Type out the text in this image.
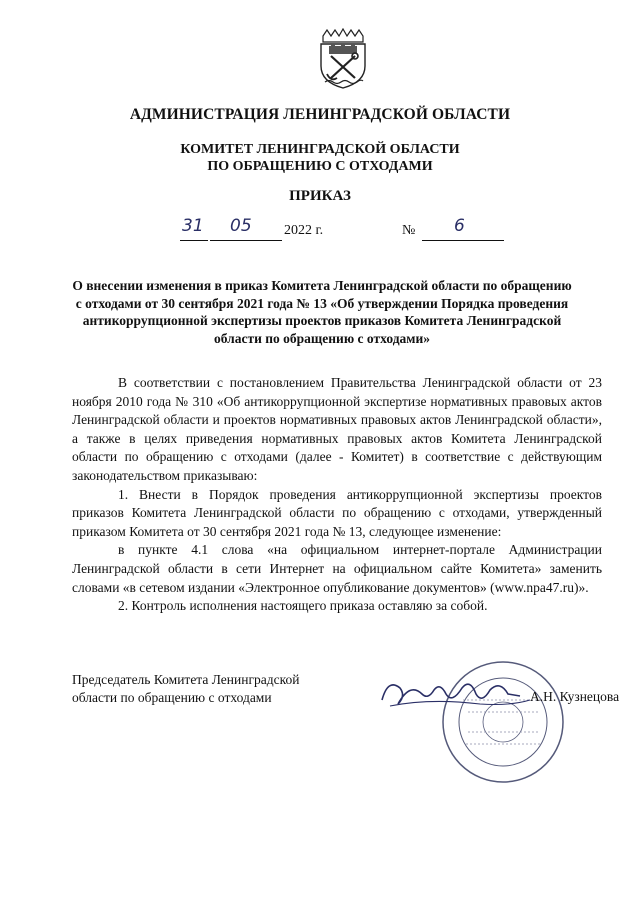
АДМИНИСТРАЦИЯ ЛЕНИНГРАДСКОЙ ОБЛАСТИ
КОМИТЕТ ЛЕНИНГРАДСКОЙ ОБЛАСТИ
ПО ОБРАЩЕНИЮ С ОТХОДАМИ
ПРИКАЗ
31 05 2022 г.	№ 6
О внесении изменения в приказ Комитета Ленинградской области по обращению с отходами от 30 сентября 2021 года № 13 «Об утверждении Порядка проведения антикоррупционной экспертизы проектов приказов Комитета Ленинградской области по обращению с отходами»

В соответствии с постановлением Правительства Ленинградской области от 23 ноября 2010 года № 310 «Об антикоррупционной экспертизе нормативных правовых актов Ленинградской области и проектов нормативных правовых актов Ленинградской области», а также в целях приведения нормативных правовых актов Комитета Ленинградской области по обращению с отходами (далее - Комитет) в соответствие с действующим законодательством приказываю:

1. Внести в Порядок проведения антикоррупционной экспертизы проектов приказов Комитета Ленинградской области по обращению с отходами, утвержденный приказом Комитета от 30 сентября 2021 года № 13, следующее изменение:

в пункте 4.1 слова «на официальном интернет-портале Администрации Ленинградской области в сети Интернет на официальном сайте Комитета» заменить словами «в сетевом издании «Электронное опубликование документов» (www.npa47.ru)».

2. Контроль исполнения настоящего приказа оставляю за собой.

Председатель Комитета Ленинградской
области по обращению с отходами	А.Н. Кузнецова
